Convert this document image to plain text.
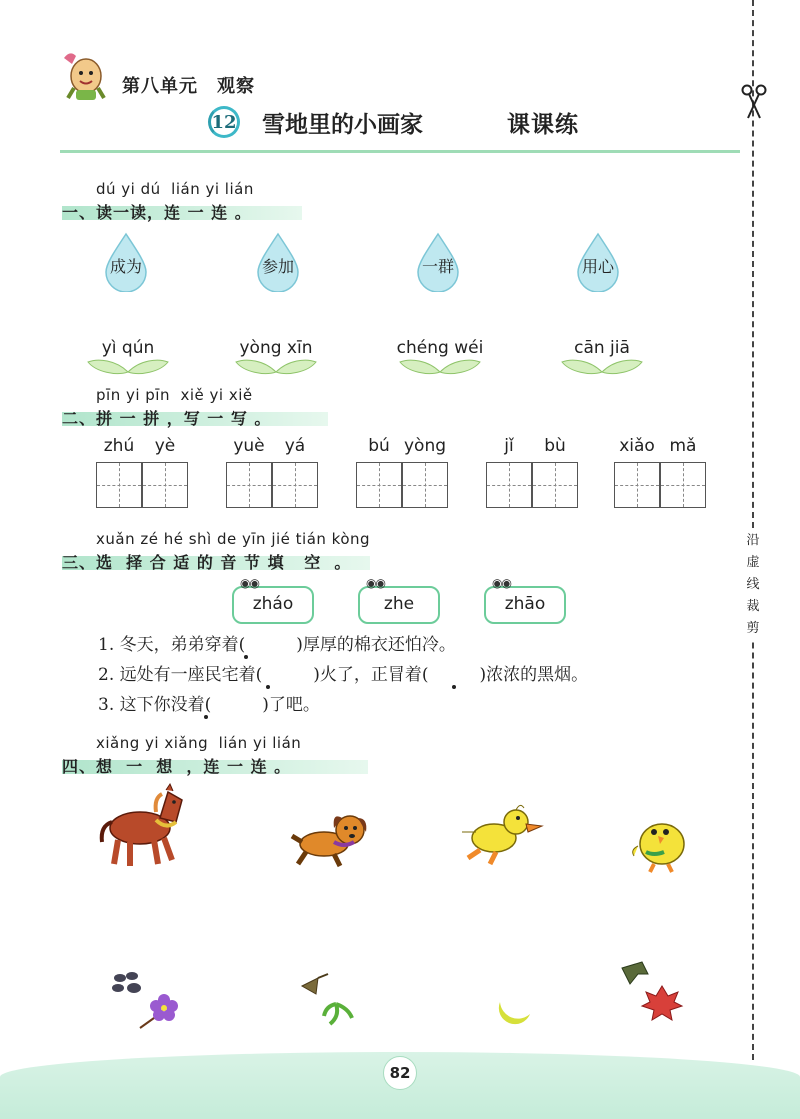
第八单元　观察
12 雪地里的小画家	课课练
沿
虚
线
裁
剪
dú yi dú  lián yi lián
一、读一读，连 一 连 。
成为	参加	一群	用心
yì qún	yòng xīn	chéng wéi	cān jiā
pīn yi pīn  xiě yi xiě
二、拼 一 拼 ，写 一 写 。
zhú	yè	yuè	yá	bú yòng	jǐ	bù	xiǎo mǎ
xuǎn zé hé shì de yīn jié tián kòng
三、选  择 合 适 的 音 节 填   空  。
◉◉
zháo
◉◉
zhe
◉◉
zhāo
1. 冬天，弟弟穿着(　　　)厚厚的棉衣还怕冷。
2. 远处有一座民宅着(　　　)火了，正冒着(　　　)浓浓的黑烟。
3. 这下你没着(　　　)了吧。
xiǎng yi xiǎng  lián yi lián
四、想  一  想  ，连 一 连 。
82
